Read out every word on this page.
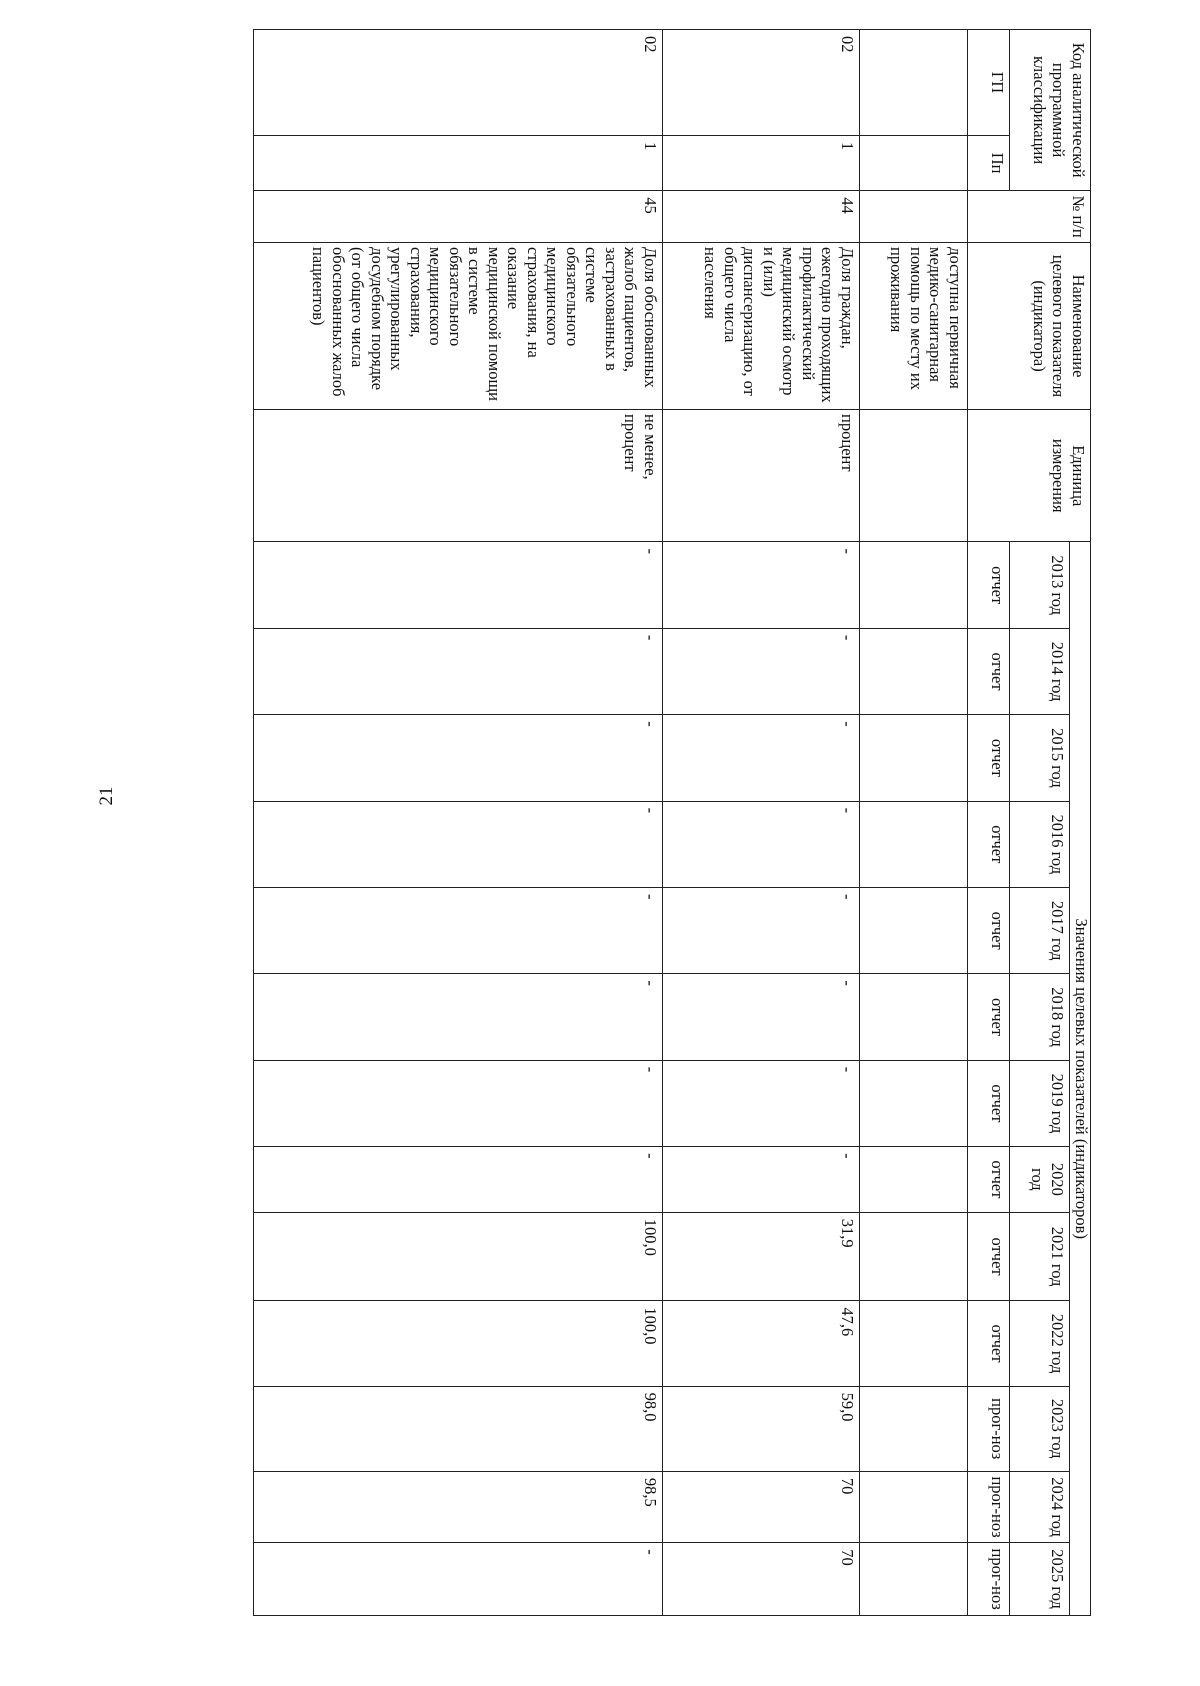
21
Код аналитической программной классификации		№ п/п	Наименование целевого показателя (индикатора)	Единица измерения	Значения целевых показателей (индикаторов)												
					2013 год	2014 год	2015 год	2016 год	2017 год	2018 год	2019 год	2020 год	2021 год	2022 год	2023 год	2024 год	2025 год
ГП	Пп				отчет	отчет	отчет	отчет	отчет	отчет	отчет	отчет	отчет	отчет	прог-ноз	прог-ноз	прог-ноз
			доступна первичная медико-санитарная помощь по месту их проживания														
02	1	44	Доля граждан, ежегодно проходящих профилактический медицинский осмотр и (или) диспансеризацию, от общего числа населения	процент	-	-	-	-	-	-	-	-	31,9	47,6	59,0	70	70
02	1	45	Доля обоснованных жалоб пациентов, застрахованных в системе обязательного медицинского страхования, на оказание медицинской помощи в системе обязательного медицинского страхования, урегулированных досудебном порядке (от общего числа обоснованных жалоб пациентов)	не менее, процент	-	-	-	-	-	-	-	-	100,0	100,0	98,0	98,5	-
